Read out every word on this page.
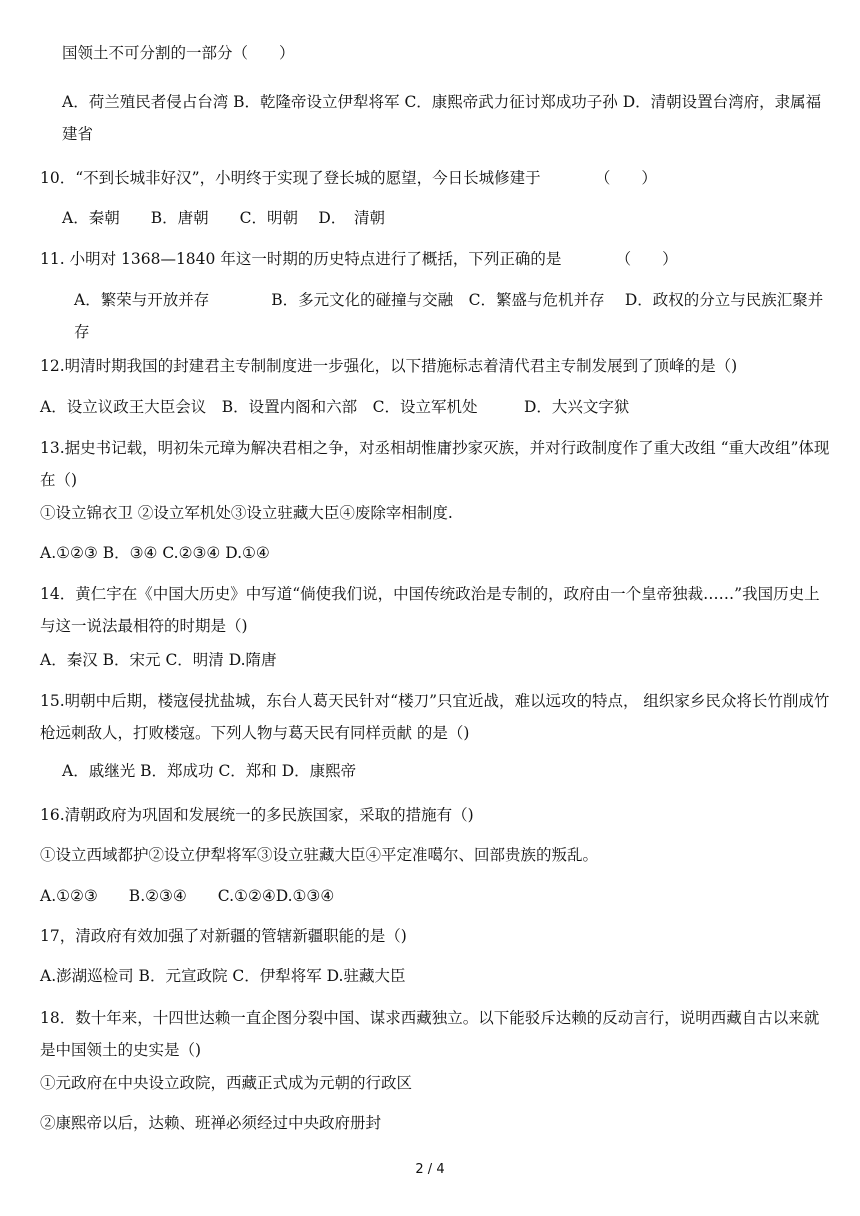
国领土不可分割的一部分（　　）
A．荷兰殖民者侵占台湾 B．乾隆帝设立伊犁将军 C．康熙帝武力征讨郑成功子孙 D．清朝设置台湾府，隶属福建省
10．“不到长城非好汉”，小明终于实现了登长城的愿望，今日长城修建于　　　　（　　）
A．秦朝　　B．唐朝　　C．明朝　 D．　清朝
11. 小明对 1368—1840 年这一时期的历史特点进行了概括，下列正确的是　　　　（　　）
A．繁荣与开放并存　　　　B．多元文化的碰撞与交融　C．繁盛与危机并存　 D．政权的分立与民族汇聚并存
12.明清时期我国的封建君主专制制度进一步强化，以下措施标志着清代君主专制发展到了顶峰的是（)
A．设立议政王大臣会议　B．设置内阁和六部　C．设立军机处　　　D．大兴文字狱
13.据史书记载，明初朱元璋为解决君相之争，对丞相胡惟庸抄家灭族，并对行政制度作了重大改组 “重大改组”体现在（)
①设立锦衣卫 ②设立军机处③设立驻藏大臣④废除宰相制度.
A.①②③ B．③④ C.②③④ D.①④
14．黄仁宇在《中国大历史》中写道“倘使我们说，中国传统政治是专制的，政府由一个皇帝独裁……”我国历史上与这一说法最相符的时期是（)
A．秦汉 B．宋元 C．明清 D.隋唐
15.明朝中后期，楼寇侵扰盐城，东台人葛天民针对“楼刀”只宜近战，难以远攻的特点， 组织家乡民众将长竹削成竹枪远刺敌人，打败楼寇。下列人物与葛天民有同样贡献 的是（)
A．戚继光 B．郑成功 C．郑和 D．康熙帝
16.清朝政府为巩固和发展统一的多民族国家，采取的措施有（)
①设立西域都护②设立伊犁将军③设立驻藏大臣④平定准噶尔、回部贵族的叛乱。
A.①②③　　B.②③④　　C.①②④D.①③④
17，清政府有效加强了对新疆的管辖新疆职能的是（)
A.澎湖巡检司 B．元宣政院 C．伊犁将军 D.驻藏大臣
18．数十年来，十四世达赖一直企图分裂中国、谋求西藏独立。以下能驳斥达赖的反动言行，说明西藏自古以来就是中国领土的史实是（)
①元政府在中央设立政院，西藏正式成为元朝的行政区
②康熙帝以后，达赖、班禅必须经过中央政府册封
2 / 4
